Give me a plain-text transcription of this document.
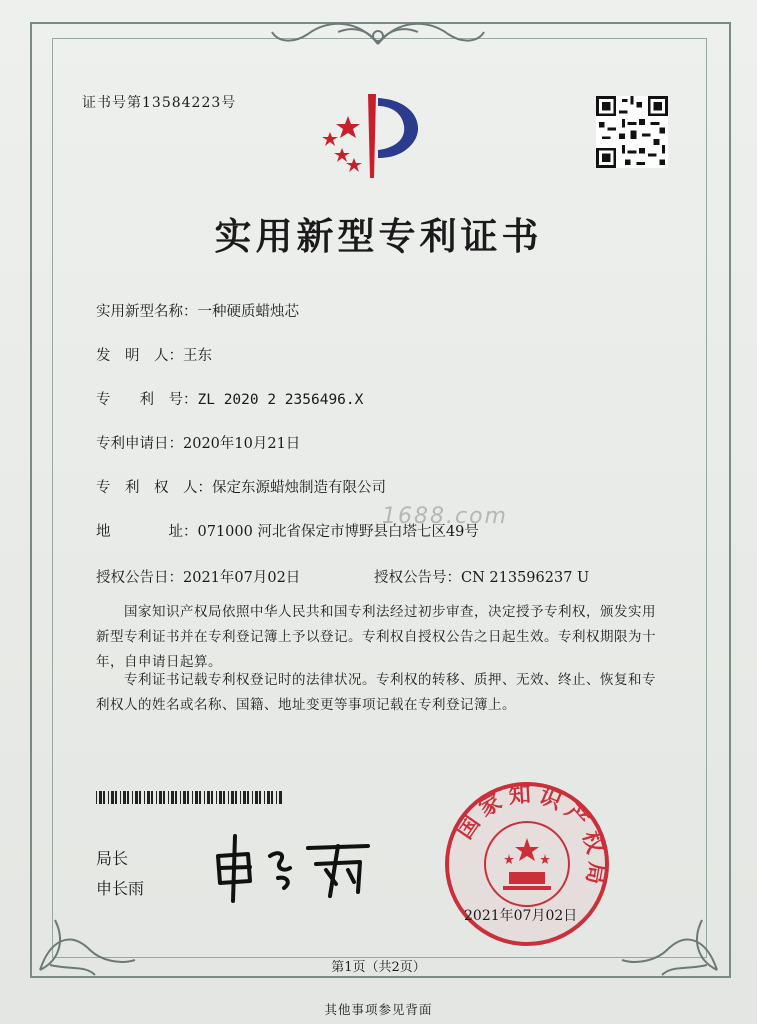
证书号第13584223号
实用新型专利证书
实用新型名称：一种硬质蜡烛芯
发　明　人：王东
专　　利　号：ZL 2020 2 2356496.X
专利申请日：2020年10月21日
专　利　权　人：保定东源蜡烛制造有限公司
地　　　　址：071000 河北省保定市博野县白塔七区49号
授权公告日：2021年07月02日	授权公告号：CN 213596237 U
1688.com
国家知识产权局依照中华人民共和国专利法经过初步审查，决定授予专利权，颁发实用新型专利证书并在专利登记簿上予以登记。专利权自授权公告之日起生效。专利权期限为十年，自申请日起算。
专利证书记载专利权登记时的法律状况。专利权的转移、质押、无效、终止、恢复和专利权人的姓名或名称、国籍、地址变更等事项记载在专利登记簿上。
局长
申长雨
国家知识产权局
2021年07月02日
第1页（共2页）
其他事项参见背面
